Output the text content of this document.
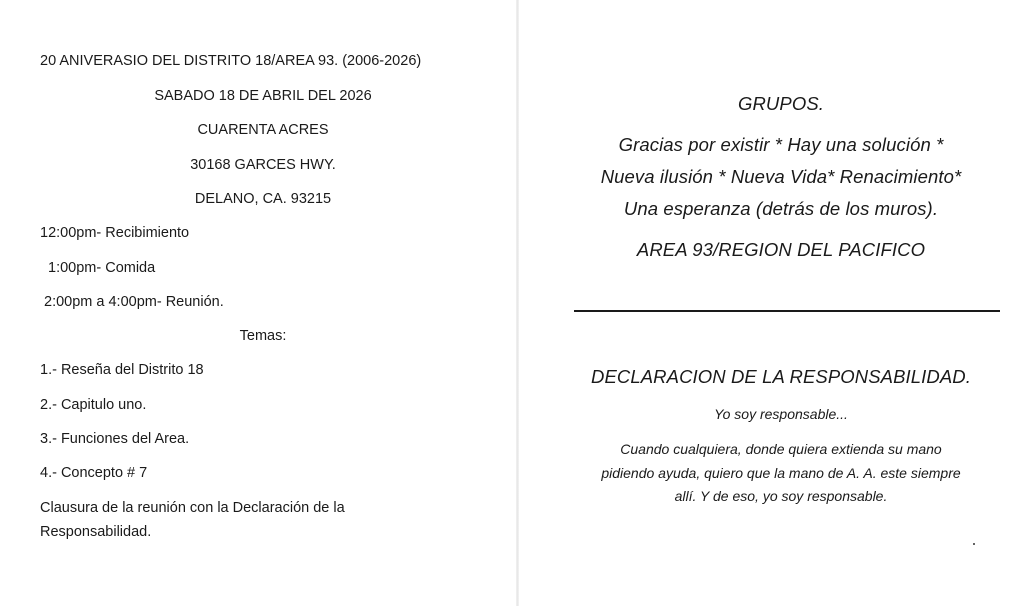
20 ANIVERASIO DEL DISTRITO 18/AREA 93. (2006-2026)
SABADO 18 DE ABRIL DEL 2026
CUARENTA ACRES
30168 GARCES HWY.
DELANO, CA. 93215
12:00pm- Recibimiento
1:00pm- Comida
2:00pm a 4:00pm- Reunión.
Temas:
1.- Reseña del Distrito 18
2.- Capitulo uno.
3.- Funciones del Area.
4.- Concepto # 7
Clausura de la reunión con la Declaración de la
Responsabilidad.
GRUPOS.
Gracias por existir * Hay una solución *
Nueva ilusión * Nueva Vida* Renacimiento*
Una esperanza (detrás de los muros).
AREA 93/REGION DEL PACIFICO
DECLARACION DE LA RESPONSABILIDAD.
Yo soy responsable...
Cuando cualquiera, donde quiera extienda su mano
pidiendo ayuda, quiero que la mano de A. A. este siempre
allí. Y de eso, yo soy responsable.
